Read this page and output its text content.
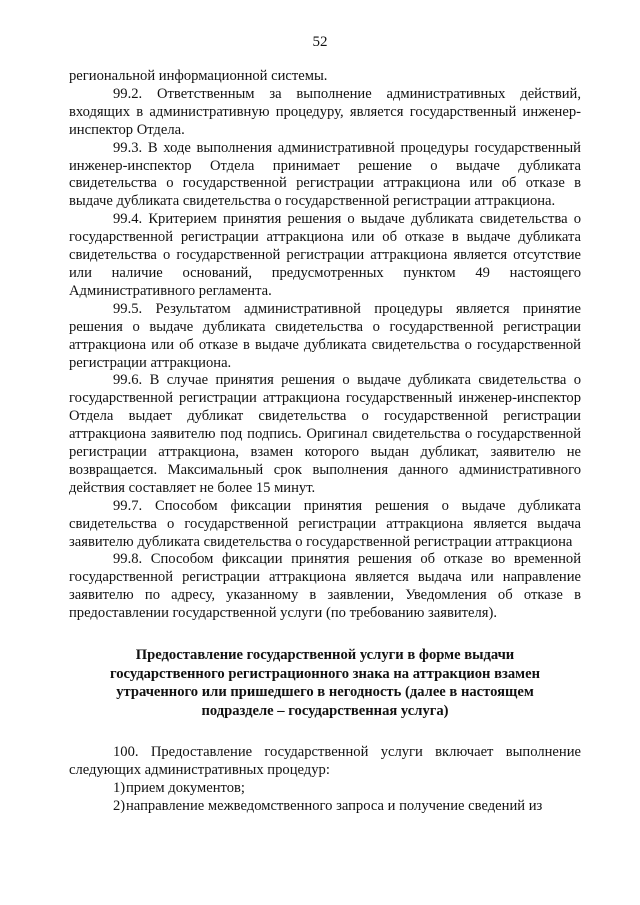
52

региональной информационной системы.

99.2. Ответственным за выполнение административных действий, входящих в административную процедуру, является государственный инженер-инспектор Отдела.

99.3. В ходе выполнения административной процедуры государственный инженер-инспектор Отдела принимает решение о выдаче дубликата свидетельства о государственной регистрации аттракциона или об отказе в выдаче дубликата свидетельства о государственной регистрации аттракциона.

99.4. Критерием принятия решения о выдаче дубликата свидетельства о государственной регистрации аттракциона или об отказе в выдаче дубликата свидетельства о государственной регистрации аттракциона является отсутствие или наличие оснований, предусмотренных пунктом 49 настоящего Административного регламента.

99.5. Результатом административной процедуры является принятие решения о выдаче дубликата свидетельства о государственной регистрации аттракциона или об отказе в выдаче дубликата свидетельства о государственной регистрации аттракциона.

99.6. В случае принятия решения о выдаче дубликата свидетельства о государственной регистрации аттракциона государственный инженер-инспектор Отдела выдает дубликат свидетельства о государственной регистрации аттракциона заявителю под подпись. Оригинал свидетельства о государственной регистрации аттракциона, взамен которого выдан дубликат, заявителю не возвращается. Максимальный срок выполнения данного административного действия составляет не более 15 минут.

99.7. Способом фиксации принятия решения о выдаче дубликата свидетельства о государственной регистрации аттракциона является выдача заявителю дубликата свидетельства о государственной регистрации аттракциона

99.8. Способом фиксации принятия решения об отказе во временной государственной регистрации аттракциона является выдача или направление заявителю по адресу, указанному в заявлении, Уведомления об отказе в предоставлении государственной услуги (по требованию заявителя).

Предоставление государственной услуги в форме выдачи государственного регистрационного знака на аттракцион взамен утраченного или пришедшего в негодность (далее в настоящем подразделе – государственная услуга)

100. Предоставление государственной услуги включает выполнение следующих административных процедур:

1)прием документов;

2)направление межведомственного запроса и получение сведений из
